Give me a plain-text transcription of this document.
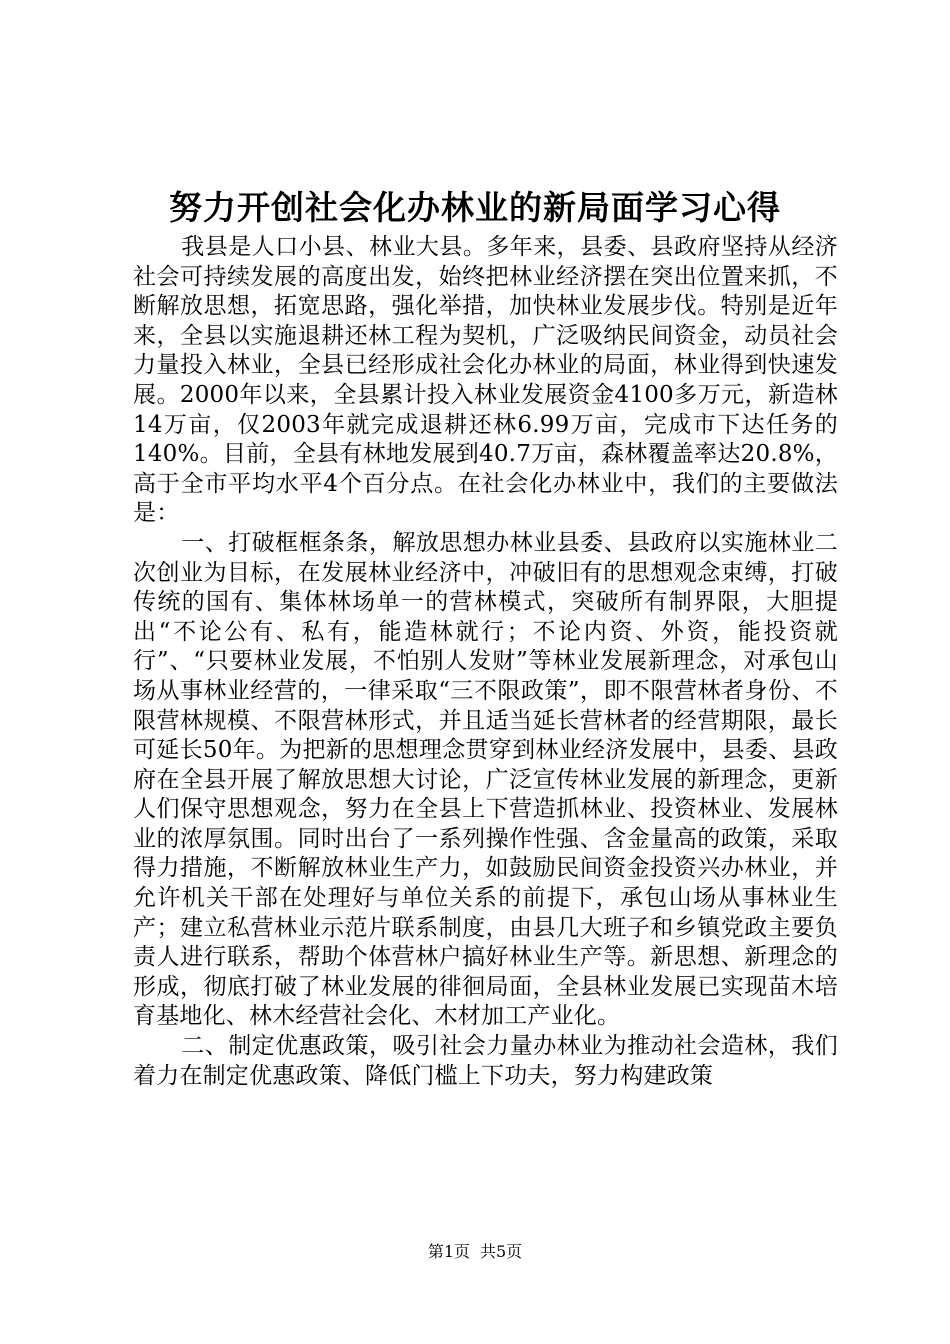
努力开创社会化办林业的新局面学习心得

我县是人口小县、林业大县。多年来，县委、县政府坚持从经济社会可持续发展的高度出发，始终把林业经济摆在突出位置来抓，不断解放思想，拓宽思路，强化举措，加快林业发展步伐。特别是近年来，全县以实施退耕还林工程为契机，广泛吸纳民间资金，动员社会力量投入林业，全县已经形成社会化办林业的局面，林业得到快速发展。2000年以来，全县累计投入林业发展资金4100多万元，新造林14万亩，仅2003年就完成退耕还林6.99万亩，完成市下达任务的140%。目前，全县有林地发展到40.7万亩，森林覆盖率达20.8%，高于全市平均水平4个百分点。在社会化办林业中，我们的主要做法是：

一、打破框框条条，解放思想办林业县委、县政府以实施林业二次创业为目标，在发展林业经济中，冲破旧有的思想观念束缚，打破传统的国有、集体林场单一的营林模式，突破所有制界限，大胆提出“不论公有、私有，能造林就行；不论内资、外资，能投资就行”、“只要林业发展，不怕别人发财”等林业发展新理念，对承包山场从事林业经营的，一律采取“三不限政策”，即不限营林者身份、不限营林规模、不限营林形式，并且适当延长营林者的经营期限，最长可延长50年。为把新的思想理念贯穿到林业经济发展中，县委、县政府在全县开展了解放思想大讨论，广泛宣传林业发展的新理念，更新人们保守思想观念，努力在全县上下营造抓林业、投资林业、发展林业的浓厚氛围。同时出台了一系列操作性强、含金量高的政策，采取得力措施，不断解放林业生产力，如鼓励民间资金投资兴办林业，并允许机关干部在处理好与单位关系的前提下，承包山场从事林业生产；建立私营林业示范片联系制度，由县几大班子和乡镇党政主要负责人进行联系，帮助个体营林户搞好林业生产等。新思想、新理念的形成，彻底打破了林业发展的徘徊局面，全县林业发展已实现苗木培育基地化、林木经营社会化、木材加工产业化。

二、制定优惠政策，吸引社会力量办林业为推动社会造林，我们着力在制定优惠政策、降低门槛上下功夫，努力构建政策

第1页 共5页
